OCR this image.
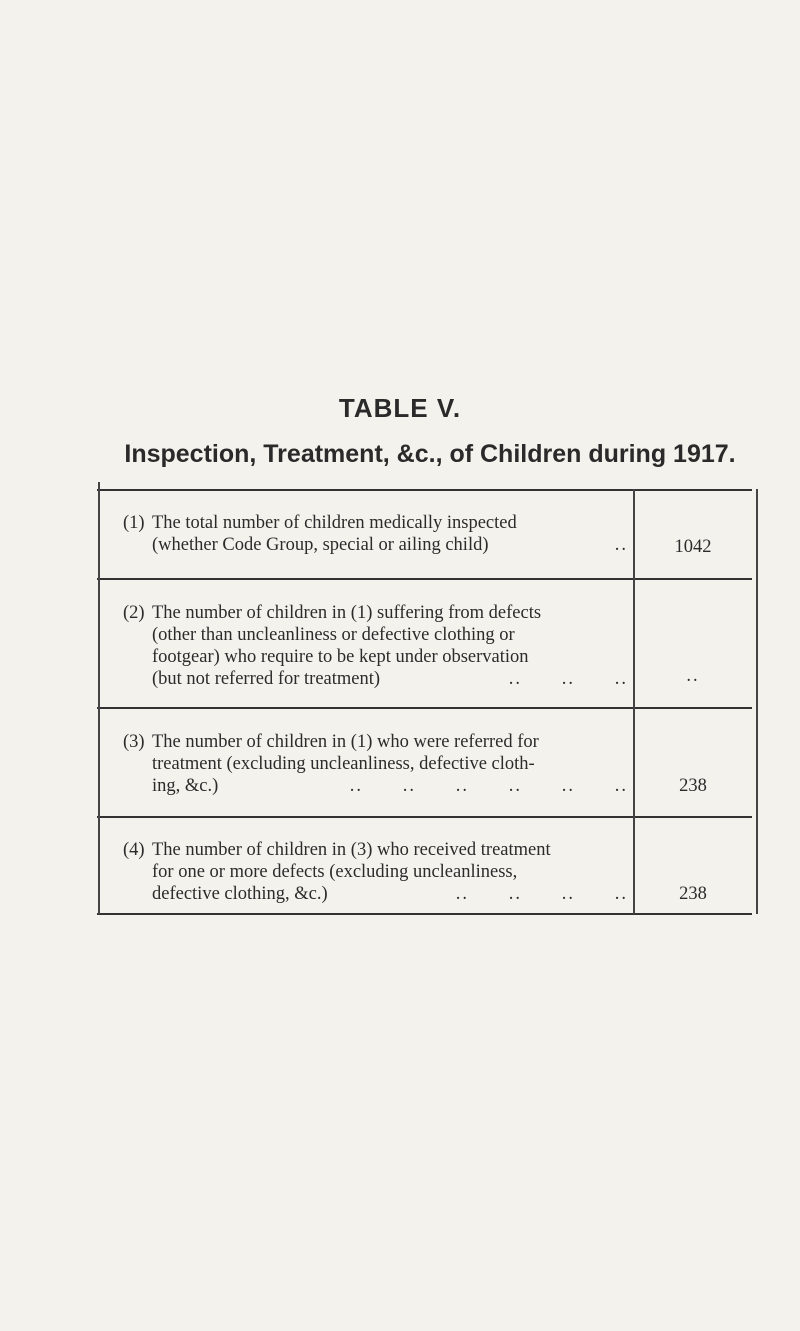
TABLE V.
Inspection, Treatment, &c., of Children during 1917.
(1) The total number of children medically inspected
(whether Code Group, special or ailing child)	..	1042
(2) The number of children in (1) suffering from defects
(other than uncleanliness or defective clothing or
footgear) who require to be kept under observation
(but not referred for treatment)	..      ..      ..	..
(3) The number of children in (1) who were referred for
treatment (excluding uncleanliness, defective cloth-
ing, &c.)	..      ..      ..      ..      ..      ..	238
(4) The number of children in (3) who received treatment
for one or more defects (excluding uncleanliness,
defective clothing, &c.)	..      ..      ..      ..	238
